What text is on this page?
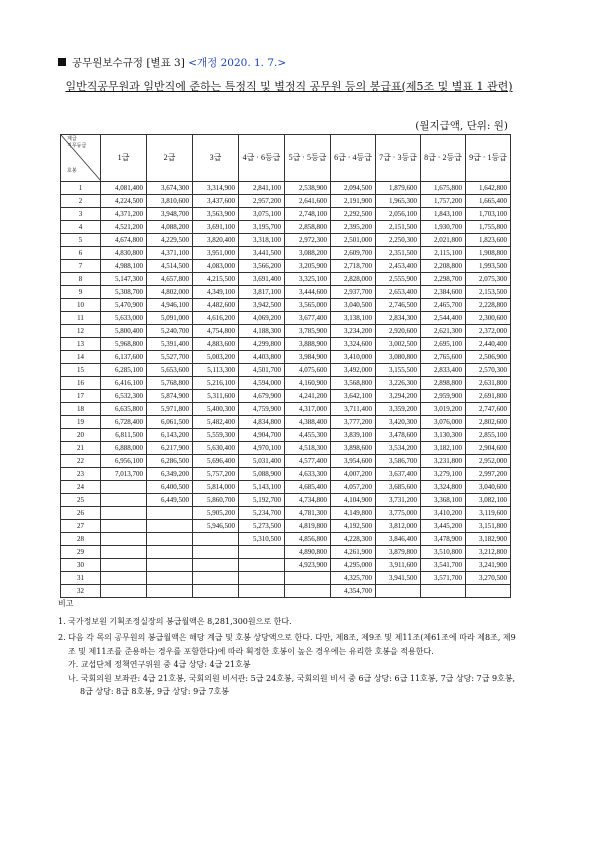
공무원보수규정 [별표 3] <개정 2020. 1. 7.>
일반직공무원과 일반직에 준하는 특정직 및 별정직 공무원 등의 봉급표(제5조 및 별표 1 관련)
(월지급액, 단위: 원)
계급
직무등급
호봉	1급	2급	3급	4급 · 6등급	5급 · 5등급	6급 · 4등급	7급 · 3등급	8급 · 2등급	9급 · 1등급
1	4,081,400	3,674,300	3,314,900	2,841,100	2,538,900	2,094,500	1,879,600	1,675,800	1,642,800
2	4,224,500	3,810,600	3,437,600	2,957,200	2,641,600	2,191,900	1,965,300	1,757,200	1,665,400
3	4,371,200	3,948,700	3,563,900	3,075,100	2,748,100	2,292,500	2,056,100	1,843,100	1,703,100
4	4,521,200	4,088,200	3,691,100	3,195,700	2,858,800	2,395,200	2,151,500	1,930,700	1,755,800
5	4,674,800	4,229,500	3,820,400	3,318,100	2,972,300	2,501,000	2,250,300	2,021,800	1,823,600
6	4,830,800	4,371,100	3,951,000	3,441,500	3,088,200	2,609,700	2,351,500	2,115,100	1,908,800
7	4,988,100	4,514,500	4,083,000	3,566,200	3,205,900	2,718,700	2,453,400	2,208,800	1,993,500
8	5,147,300	4,657,800	4,215,500	3,691,400	3,325,100	2,828,000	2,555,900	2,298,700	2,075,300
9	5,308,700	4,802,000	4,349,100	3,817,100	3,444,600	2,937,700	2,653,400	2,384,600	2,153,500
10	5,470,900	4,946,100	4,482,600	3,942,500	3,565,000	3,040,500	2,746,500	2,465,700	2,228,800
11	5,633,000	5,091,000	4,616,200	4,069,200	3,677,400	3,138,100	2,834,300	2,544,400	2,300,600
12	5,800,400	5,240,700	4,754,800	4,188,300	3,785,900	3,234,200	2,920,600	2,621,300	2,372,000
13	5,968,800	5,391,400	4,883,600	4,299,800	3,888,900	3,324,600	3,002,500	2,695,100	2,440,400
14	6,137,600	5,527,700	5,003,200	4,403,800	3,984,900	3,410,000	3,080,800	2,765,600	2,506,900
15	6,285,100	5,653,600	5,113,300	4,501,700	4,075,600	3,492,000	3,155,500	2,833,400	2,570,300
16	6,416,100	5,768,800	5,216,100	4,594,000	4,160,900	3,568,800	3,226,300	2,898,800	2,631,800
17	6,532,300	5,874,900	5,311,600	4,679,900	4,241,200	3,642,100	3,294,200	2,959,900	2,691,800
18	6,635,800	5,971,800	5,400,300	4,759,900	4,317,000	3,711,400	3,359,200	3,019,200	2,747,600
19	6,728,400	6,061,500	5,482,400	4,834,800	4,388,400	3,777,200	3,420,300	3,076,000	2,802,600
20	6,811,500	6,143,200	5,559,300	4,904,700	4,455,300	3,839,100	3,478,600	3,130,300	2,855,100
21	6,888,000	6,217,900	5,630,400	4,970,100	4,518,300	3,898,600	3,534,200	3,182,100	2,904,600
22	6,956,100	6,286,500	5,696,400	5,031,400	4,577,400	3,954,600	3,586,700	3,231,800	2,952,000
23	7,013,700	6,349,200	5,757,200	5,088,900	4,633,300	4,007,200	3,637,400	3,279,100	2,997,200
24		6,400,500	5,814,000	5,143,100	4,685,400	4,057,200	3,685,600	3,324,800	3,040,600
25		6,449,500	5,860,700	5,192,700	4,734,800	4,104,900	3,731,200	3,368,100	3,082,100
26			5,905,200	5,234,700	4,781,300	4,149,800	3,775,000	3,410,200	3,119,600
27			5,946,500	5,273,500	4,819,800	4,192,500	3,812,000	3,445,200	3,151,800
28				5,310,500	4,856,800	4,228,300	3,846,400	3,478,900	3,182,900
29					4,890,800	4,261,900	3,879,800	3,510,800	3,212,800
30					4,923,900	4,295,000	3,911,600	3,541,700	3,241,900
31						4,325,700	3,941,500	3,571,700	3,270,500
32						4,354,700			

비고

1. 국가정보원 기획조정실장의 봉급월액은 8,281,300원으로 한다.

2. 다음 각 목의 공무원의 봉급월액은 해당 계급 및 호봉 상당액으로 한다. 다만, 제8조, 제9조 및 제11조(제61조에 따라 제8조, 제9조 및 제11조를 준용하는 경우를 포함한다)에 따라 획정한 호봉이 높은 경우에는 유리한 호봉을 적용한다.

가. 교섭단체 정책연구위원 중 4급 상당: 4급 21호봉

나. 국회의원 보좌관: 4급 21호봉, 국회의원 비서관: 5급 24호봉, 국회의원 비서 중 6급 상당: 6급 11호봉, 7급 상당: 7급 9호봉, 8급 상당: 8급 8호봉, 9급 상당: 9급 7호봉
